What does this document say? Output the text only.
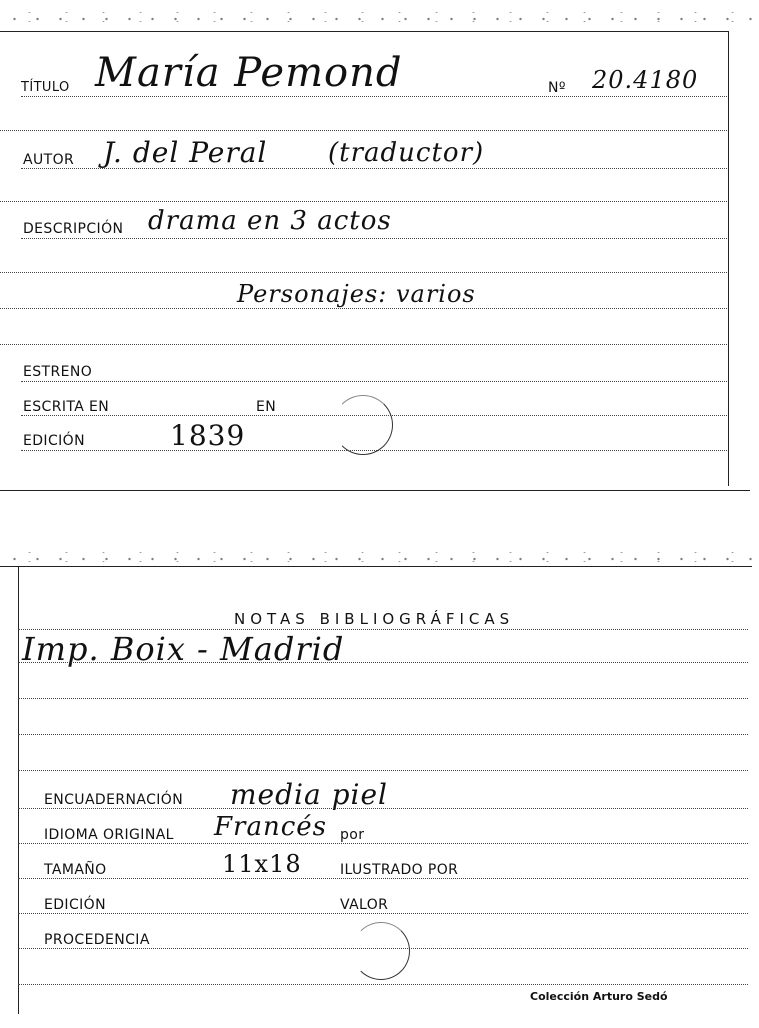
TÍTULO María Pemond	Nº 20.4180
AUTOR J. del Peral (traductor)
DESCRIPCIÓN drama en 3 actos
Personajes: varios
ESTRENO
ESCRITA EN	EN
EDICIÓN	1839
NOTAS BIBLIOGRÁFICAS
Imp. Boix - Madrid
ENCUADERNACIÓN media piel
IDIOMA ORIGINAL Francés por
TAMAÑO	11x18	ILUSTRADO POR
EDICIÓN	VALOR
PROCEDENCIA
Colección Arturo Sedó
